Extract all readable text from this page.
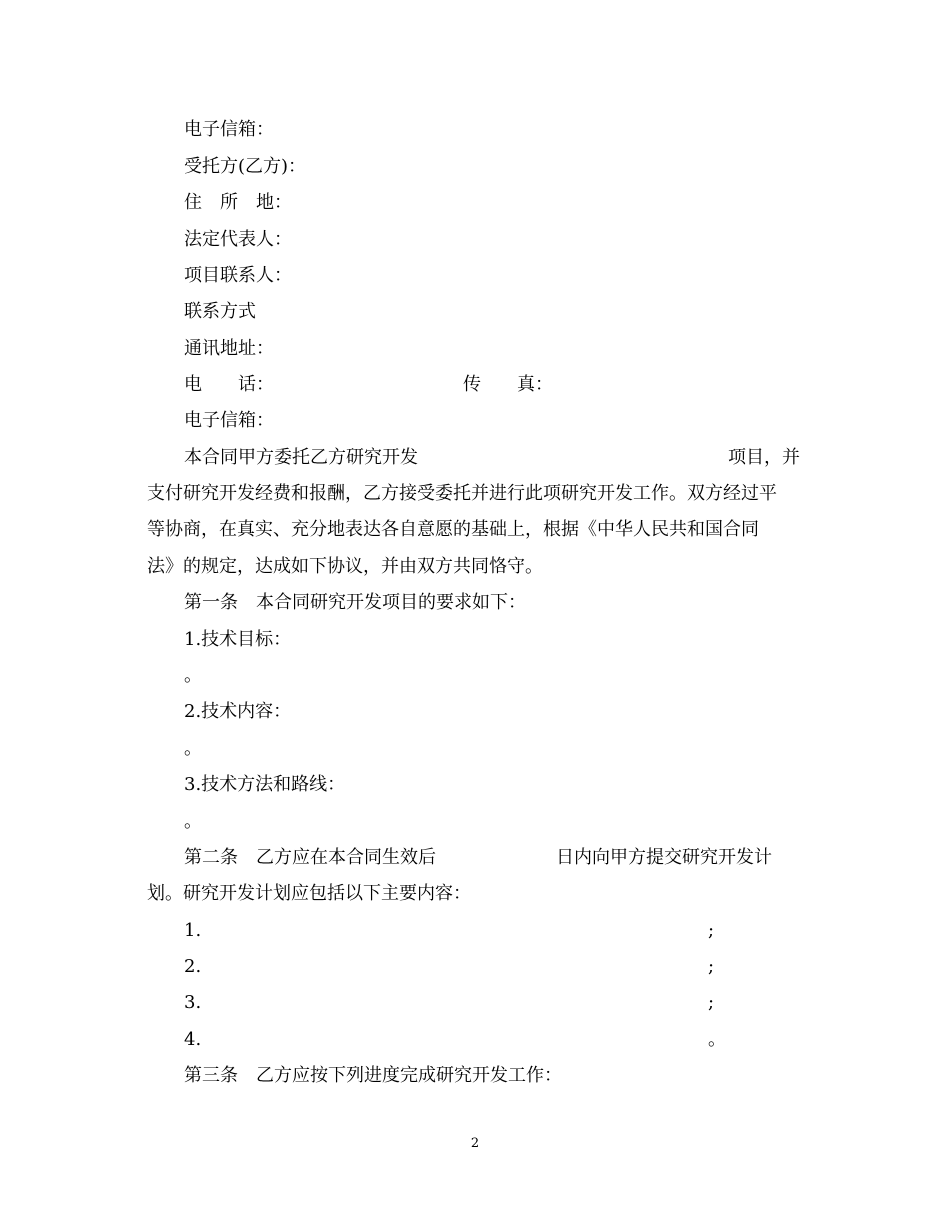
电子信箱：
受托方(乙方)：
住　所　地：
法定代表人：
项目联系人：
联系方式
通讯地址：
电　　话：	传　　真：
电子信箱：
本合同甲方委托乙方研究开发	项目，并
支付研究开发经费和报酬，乙方接受委托并进行此项研究开发工作。双方经过平
等协商，在真实、充分地表达各自意愿的基础上，根据《中华人民共和国合同
法》的规定，达成如下协议，并由双方共同恪守。
第一条　本合同研究开发项目的要求如下：
1.技术目标：
。
2.技术内容：
。
3.技术方法和路线：
。
第二条　乙方应在本合同生效后	日内向甲方提交研究开发计
划。研究开发计划应包括以下主要内容：
1.	;
2.	;
3.	;
4.	。
第三条　乙方应按下列进度完成研究开发工作：
2
